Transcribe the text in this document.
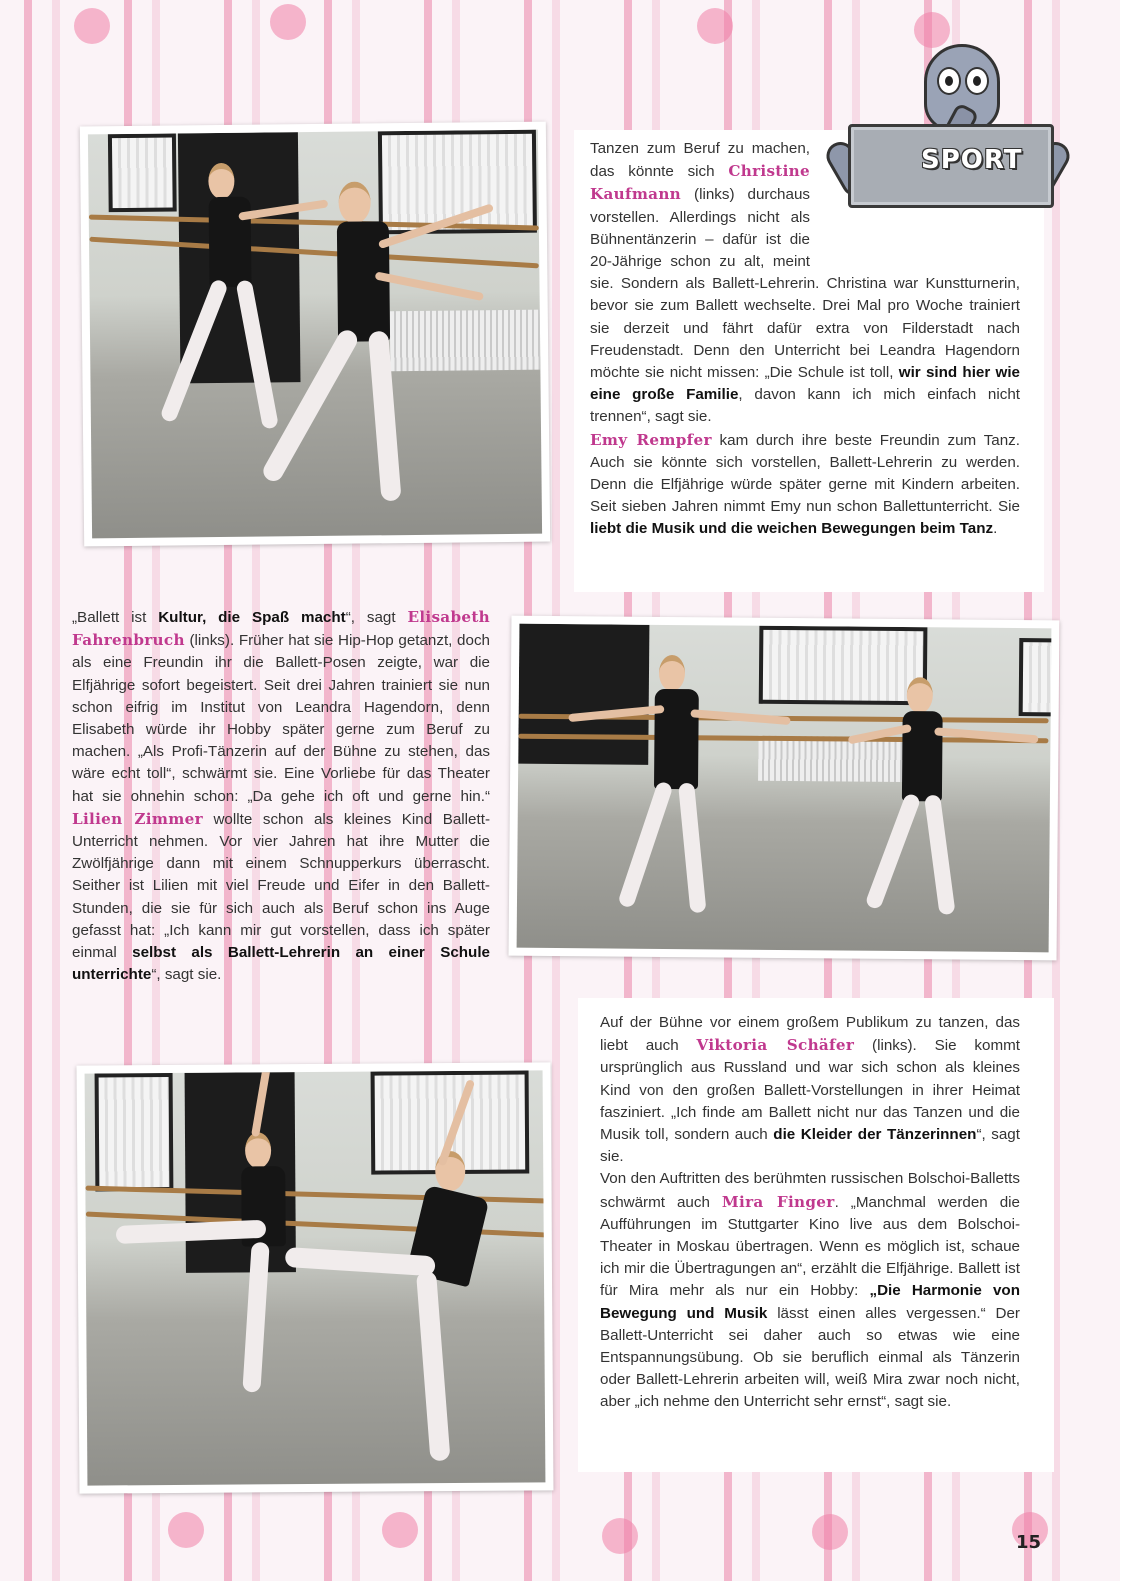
Tanzen zum Beruf zu machen, das könnte sich Christine Kaufmann (links) durchaus vorstellen. Allerdings nicht als Bühnentänzerin – dafür ist die 20-Jährige schon zu alt, meint sie. Sondern als Ballett-Lehrerin. Christina war Kunstturnerin, bevor sie zum Ballett wechselte. Drei Mal pro Woche trainiert sie derzeit und fährt dafür extra von Filderstadt nach Freudenstadt. Denn den Unterricht bei Leandra Hagendorn möchte sie nicht missen: „Die Schule ist toll, wir sind hier wie eine große Familie, davon kann ich mich einfach nicht trennen“, sagt sie.

Emy Rempfer kam durch ihre beste Freundin zum Tanz. Auch sie könnte sich vorstellen, Ballett-Lehrerin zu werden. Denn die Elfjährige würde später gerne mit Kindern arbeiten. Seit sieben Jahren nimmt Emy nun schon Ballettunterricht. Sie liebt die Musik und die weichen Bewegungen beim Tanz.

SPORT
„Ballett ist Kultur, die Spaß macht“, sagt Elisabeth Fahrenbruch (links). Früher hat sie Hip-Hop getanzt, doch als eine Freundin ihr die Ballett-Posen zeigte, war die Elfjährige sofort begeistert. Seit drei Jahren trainiert sie nun schon eifrig im Institut von Leandra Hagendorn, denn Elisabeth würde ihr Hobby später gerne zum Beruf zu machen. „Als Profi-Tänzerin auf der Bühne zu stehen, das wäre echt toll“, schwärmt sie. Eine Vorliebe für das Theater hat sie ohnehin schon: „Da gehe ich oft und gerne hin.“ Lilien Zimmer wollte schon als kleines Kind Ballett-Unterricht nehmen. Vor vier Jahren hat ihre Mutter die Zwölfjährige dann mit einem Schnupperkurs überrascht. Seither ist Lilien mit viel Freude und Eifer in den Ballett-Stunden, die sie für sich auch als Beruf schon ins Auge gefasst hat: „Ich kann mir gut vorstellen, dass ich später einmal selbst als Ballett-Lehrerin an einer Schule unterrichte“, sagt sie.

Auf der Bühne vor einem großem Publikum zu tanzen, das liebt auch Viktoria Schäfer (links). Sie kommt ursprünglich aus Russland und war sich schon als kleines Kind von den großen Ballett-Vorstellungen in ihrer Heimat fasziniert. „Ich finde am Ballett nicht nur das Tanzen und die Musik toll, sondern auch die Kleider der Tänzerinnen“, sagt sie.

Von den Auftritten des berühmten russischen Bolschoi-Balletts schwärmt auch Mira Finger. „Manchmal werden die Aufführungen im Stuttgarter Kino live aus dem Bolschoi-Theater in Moskau übertragen. Wenn es möglich ist, schaue ich mir die Übertragungen an“, erzählt die Elfjährige. Ballett ist für Mira mehr als nur ein Hobby: „Die Harmonie von Bewegung und Musik lässt einen alles vergessen.“ Der Ballett-Unterricht sei daher auch so etwas wie eine Entspannungsübung. Ob sie beruflich einmal als Tänzerin oder Ballett-Lehrerin arbeiten will, weiß Mira zwar noch nicht, aber „ich nehme den Unterricht sehr ernst“, sagt sie.

15
